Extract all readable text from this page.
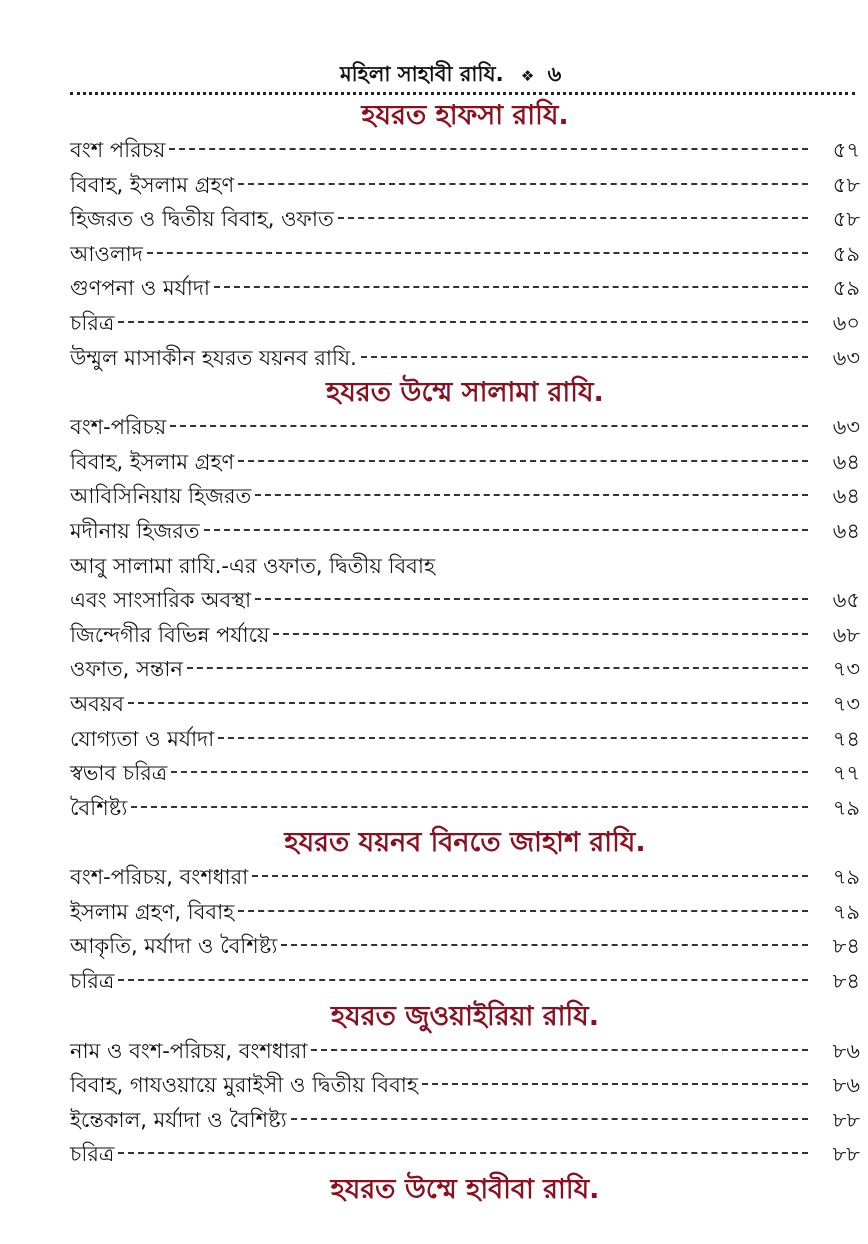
মহিলা সাহাবী রাযি. ❖ ৬
হযরত হাফসা রাযি.
বংশ পরিচয়	৫৭
বিবাহ, ইসলাম গ্রহণ	৫৮
হিজরত ও দ্বিতীয় বিবাহ, ওফাত	৫৮
আওলাদ	৫৯
গুণপনা ও মর্যাদা	৫৯
চরিত্র	৬০
উম্মুল মাসাকীন হযরত যয়নব রাযি.	৬৩
হযরত উম্মে সালামা রাযি.
বংশ-পরিচয়	৬৩
বিবাহ, ইসলাম গ্রহণ	৬৪
আবিসিনিয়ায় হিজরত	৬৪
মদীনায় হিজরত	৬৪
আবু সালামা রাযি.-এর ওফাত, দ্বিতীয় বিবাহ
এবং সাংসারিক অবস্থা	৬৫
জিন্দেগীর বিভিন্ন পর্যায়ে	৬৮
ওফাত, সন্তান	৭৩
অবয়ব	৭৩
যোগ্যতা ও মর্যাদা	৭৪
স্বভাব চরিত্র	৭৭
বৈশিষ্ট্য	৭৯
হযরত যয়নব বিনতে জাহাশ রাযি.
বংশ-পরিচয়, বংশধারা	৭৯
ইসলাম গ্রহণ, বিবাহ	৭৯
আকৃতি, মর্যাদা ও বৈশিষ্ট্য	৮৪
চরিত্র	৮৪
হযরত জুওয়াইরিয়া রাযি.
নাম ও বংশ-পরিচয়, বংশধারা	৮৬
বিবাহ, গাযওয়ায়ে মুরাইসী ও দ্বিতীয় বিবাহ	৮৬
ইন্তেকাল, মর্যাদা ও বৈশিষ্ট্য	৮৮
চরিত্র	৮৮
হযরত উম্মে হাবীবা রাযি.
